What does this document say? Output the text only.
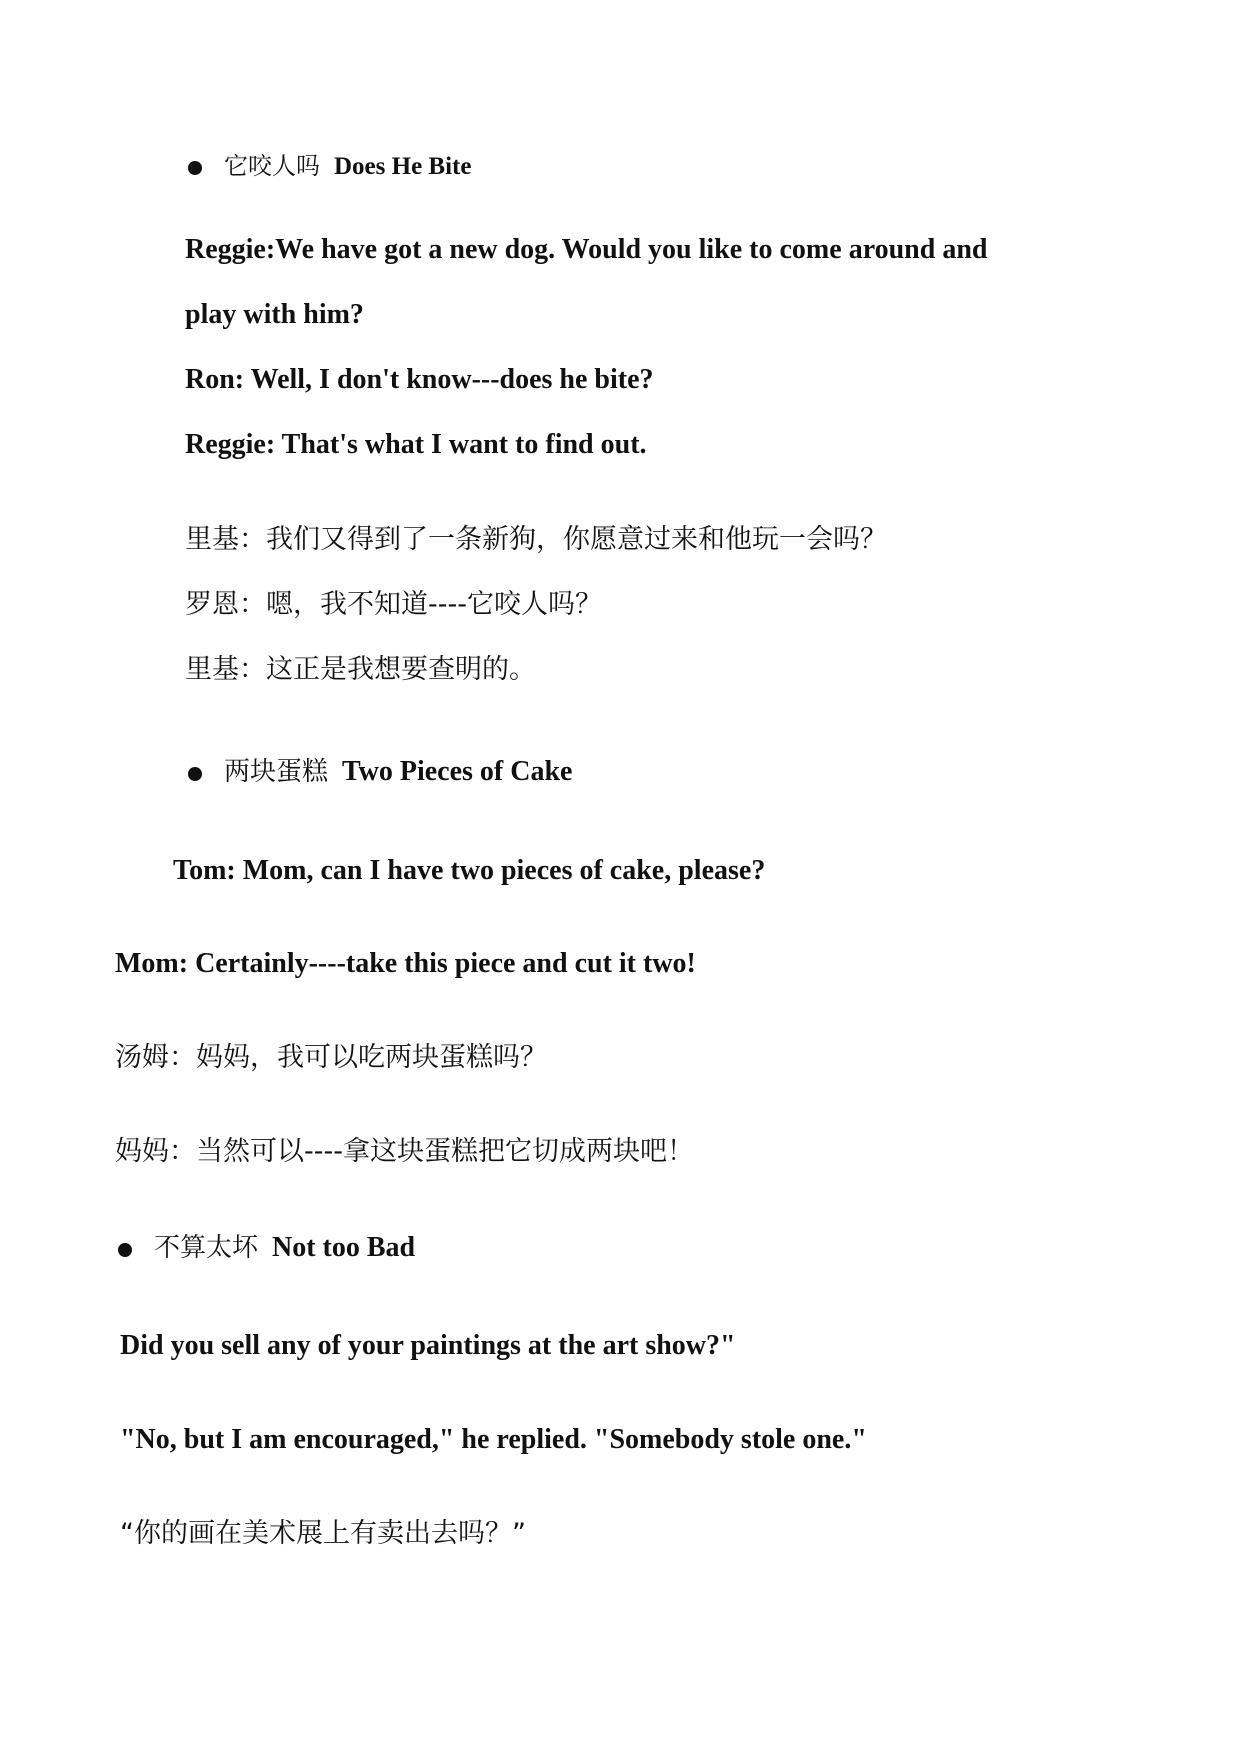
它咬人吗 Does He Bite
Reggie:We have got a new dog. Would you like to come around and
play with him?
Ron: Well, I don't know---does he bite?
Reggie: That's what I want to find out.
里基：我们又得到了一条新狗，你愿意过来和他玩一会吗？
罗恩：嗯，我不知道----它咬人吗？
里基：这正是我想要查明的。
两块蛋糕 Two Pieces of Cake
Tom: Mom, can I have two pieces of cake, please?
Mom: Certainly----take this piece and cut it two!
汤姆：妈妈，我可以吃两块蛋糕吗？
妈妈：当然可以----拿这块蛋糕把它切成两块吧！
不算太坏 Not too Bad
Did you sell any of your paintings at the art show?"
"No, but I am encouraged," he replied. "Somebody stole one."
“你的画在美术展上有卖出去吗？”
